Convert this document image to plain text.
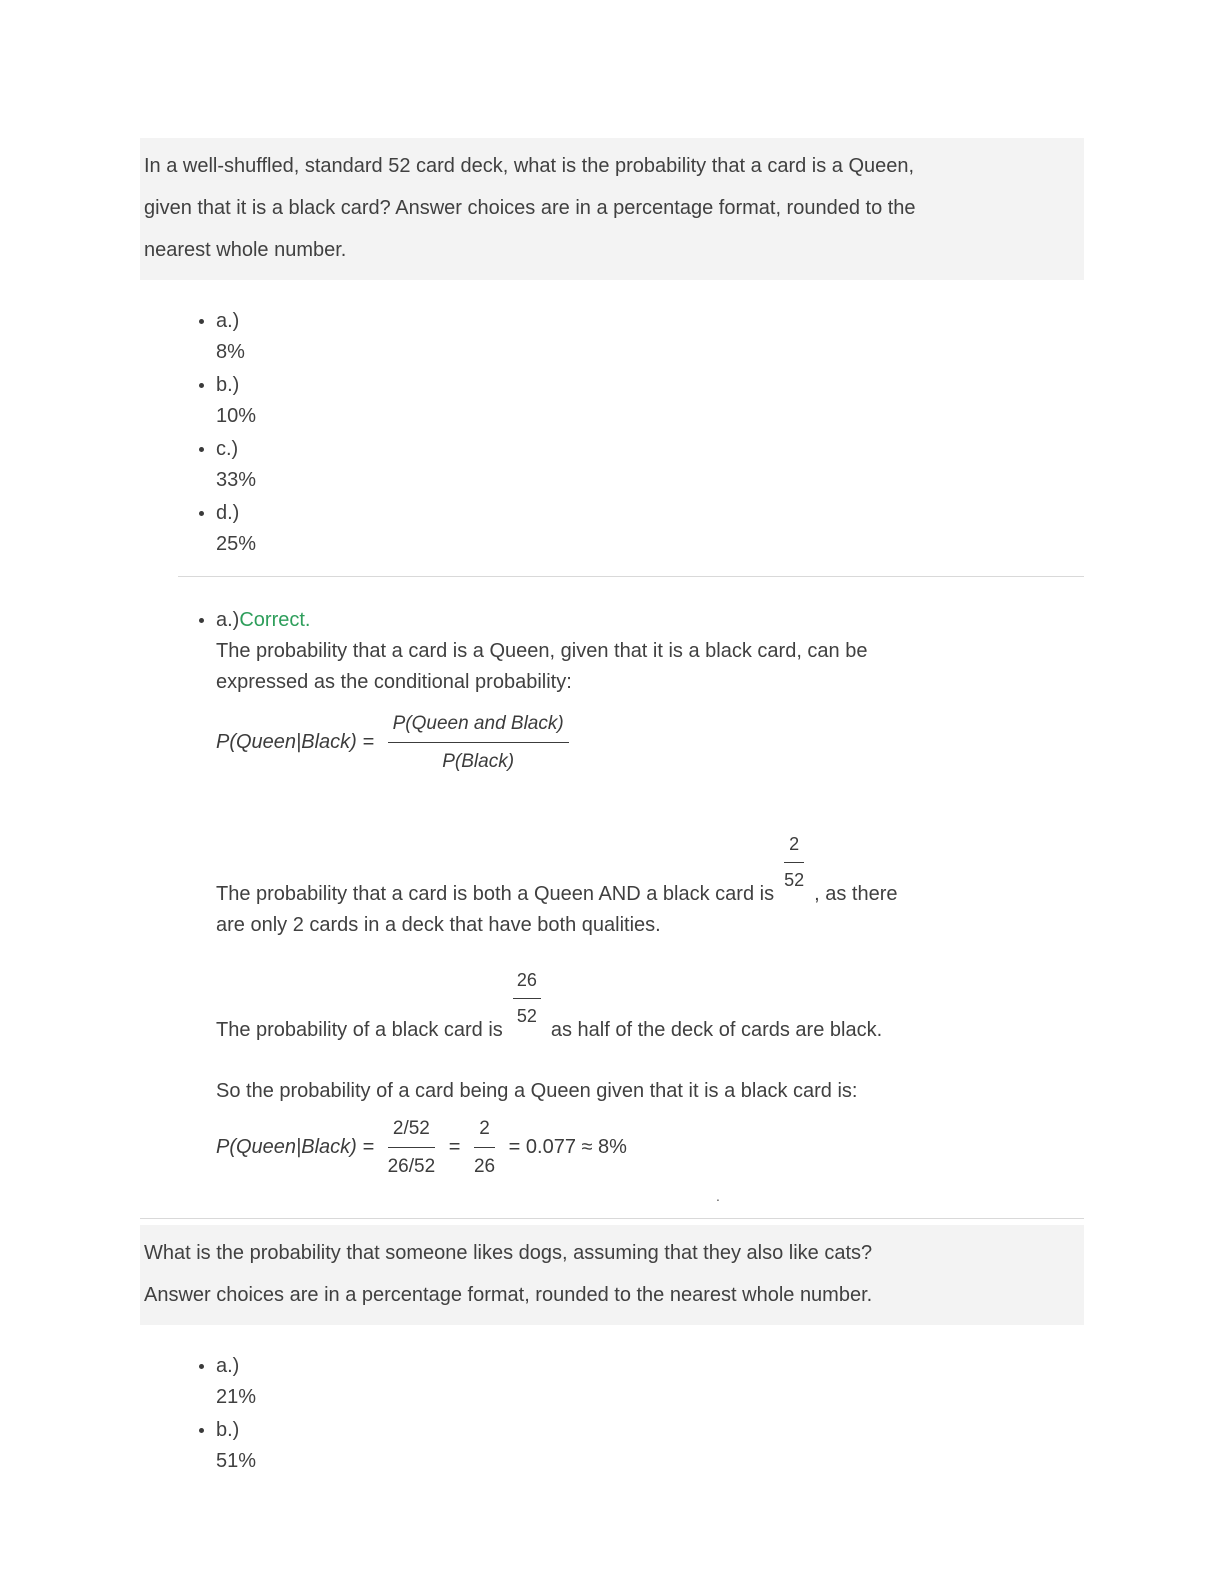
In a well-shuffled, standard 52 card deck, what is the probability that a card is a Queen,
given that it is a black card? Answer choices are in a percentage format, rounded to the
nearest whole number.
• a.)
8%
• b.)
10%
• c.)
33%
• d.)
25%
• a.)Correct.
The probability that a card is a Queen, given that it is a black card, can be
expressed as the conditional probability:
P(Queen|Black) = $\frac{\text{P(Queen and Black)}}{\text{P(Black)}}$

The probability that a card is both a Queen AND a black card is $\frac{2}{52}$ , as there
are only 2 cards in a deck that have both qualities.

The probability of a black card is $\frac{26}{52}$ as half of the deck of cards are black.

So the probability of a card being a Queen given that it is a black card is:
P(Queen|Black) = $\frac{2/52}{26/52} = \frac{2}{26} = 0.077 \approx 8\%$
.
What is the probability that someone likes dogs, assuming that they also like cats?
Answer choices are in a percentage format, rounded to the nearest whole number.
• a.)
21%
• b.)
51%
